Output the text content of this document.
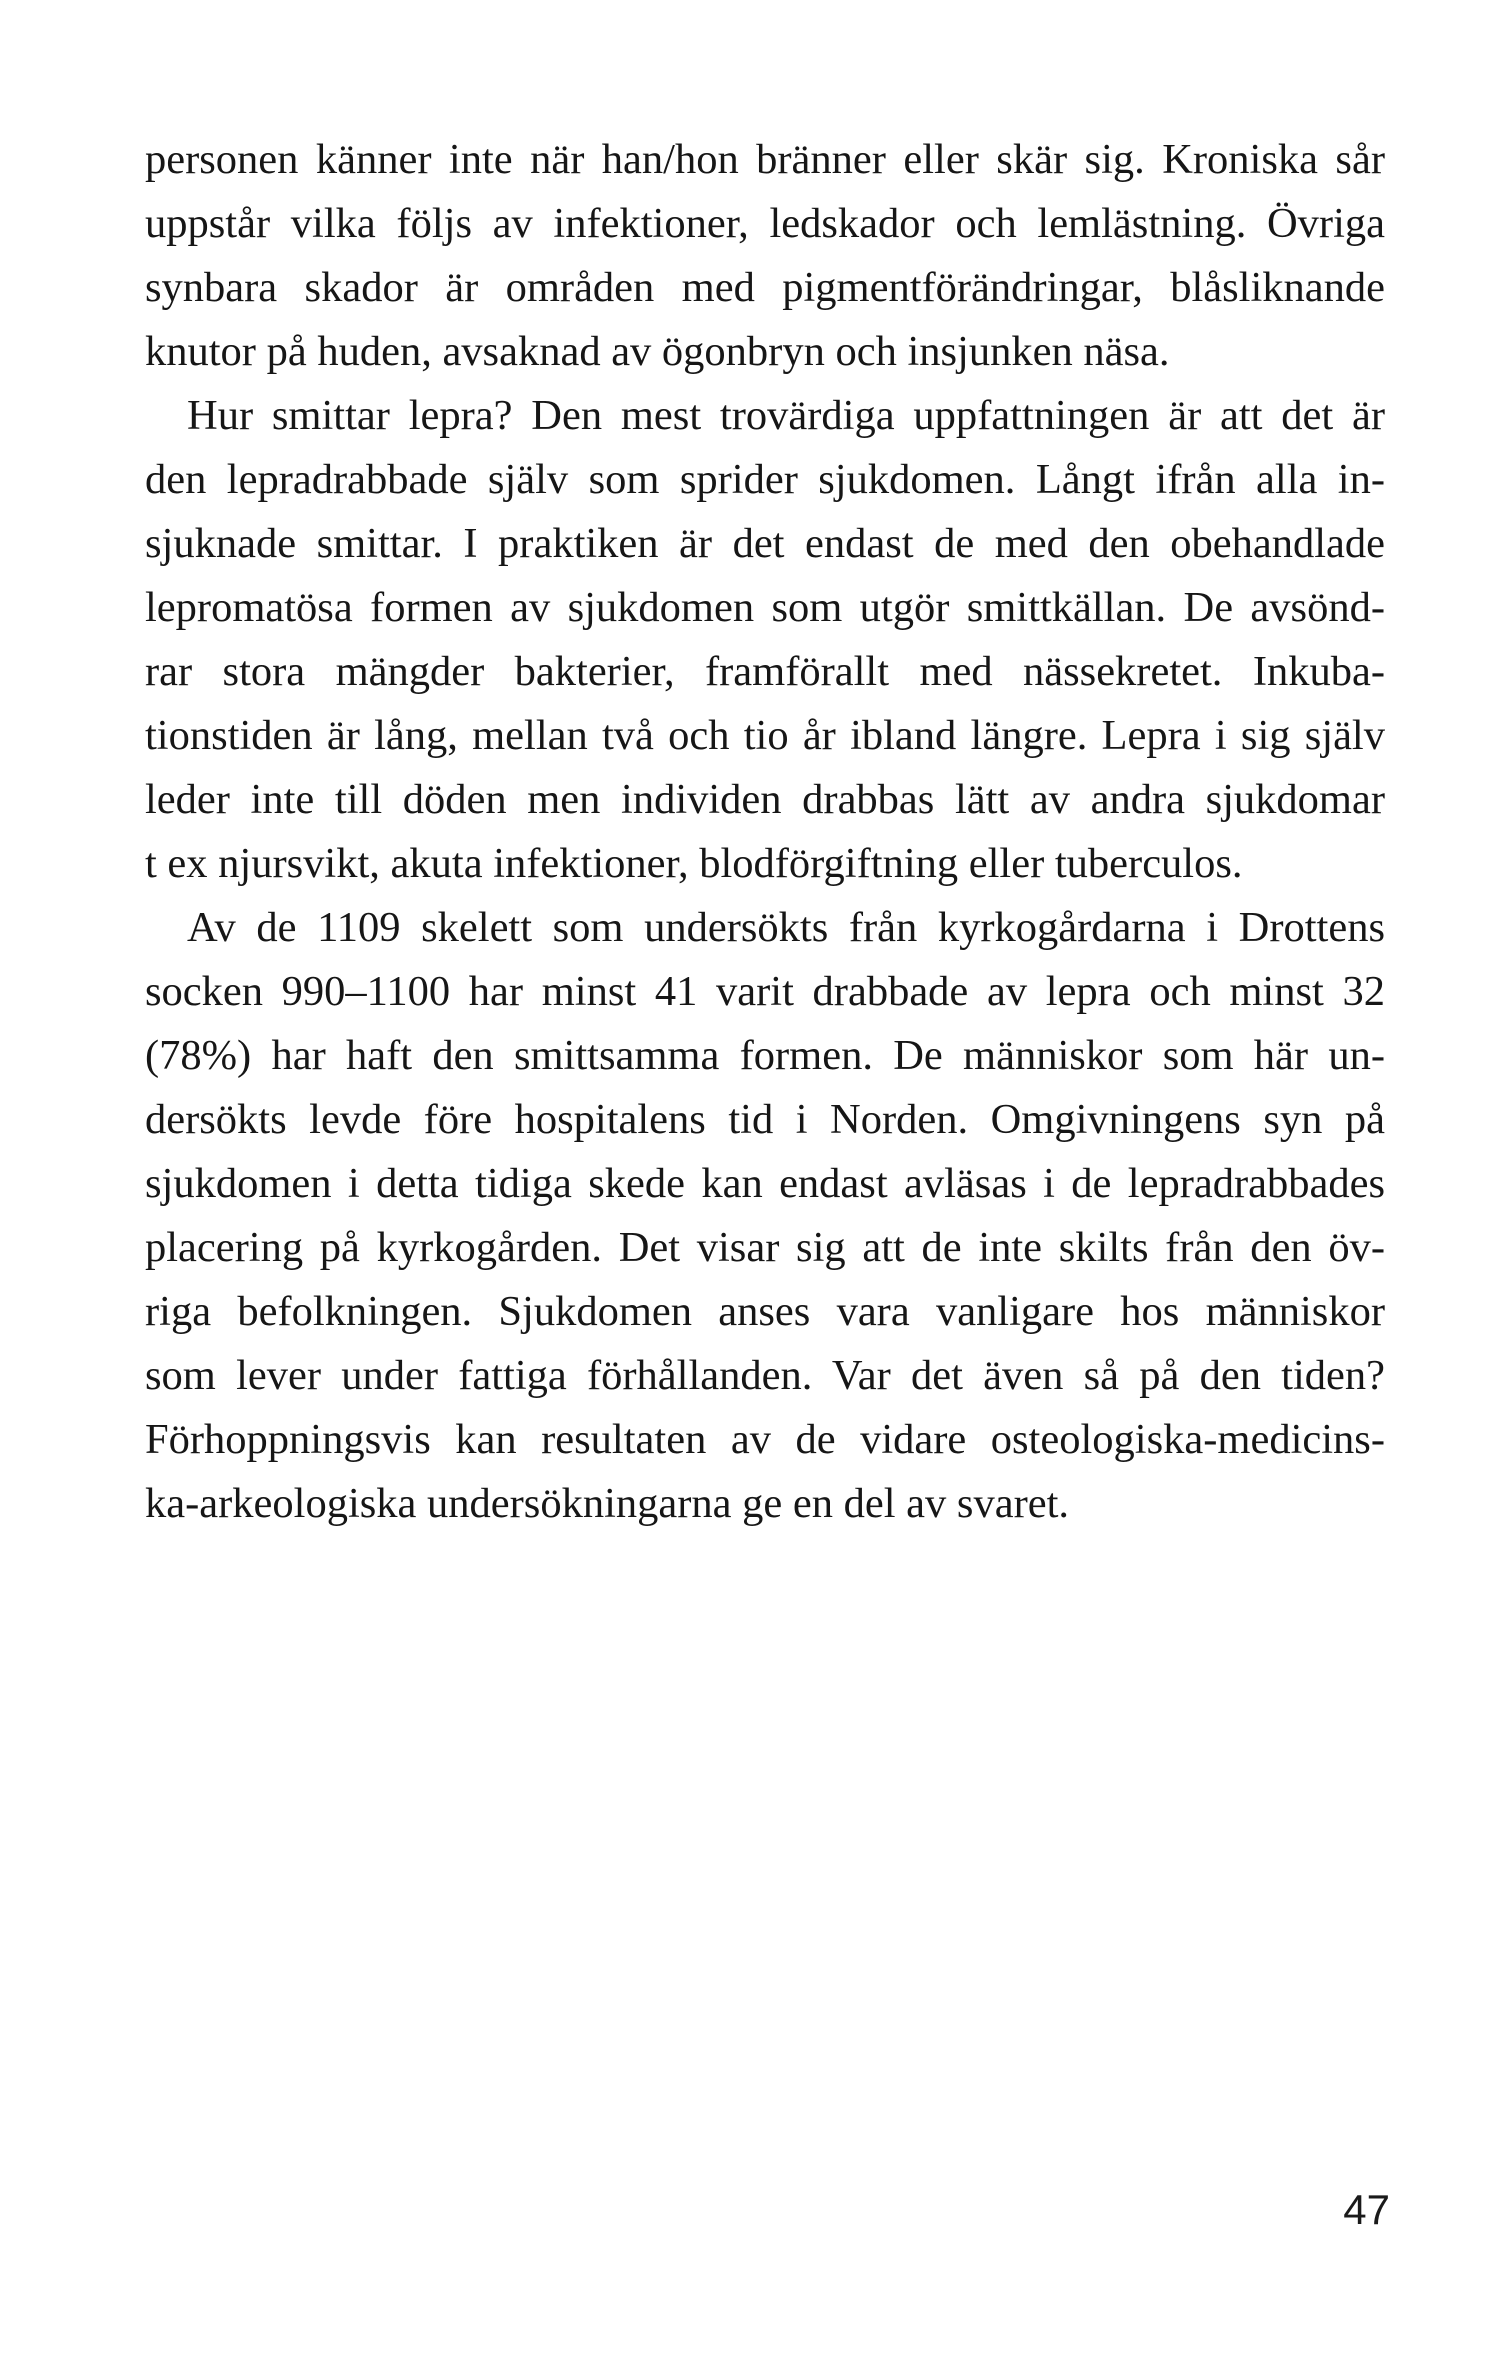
personen känner inte när han/hon bränner eller skär sig. Kroniska sår
uppstår vilka följs av infektioner, ledskador och lemlästning. Övriga
synbara skador är områden med pigmentförändringar, blåsliknande
knutor på huden, avsaknad av ögonbryn och insjunken näsa.
Hur smittar lepra? Den mest trovärdiga uppfattningen är att det är
den lepradrabbade själv som sprider sjukdomen. Långt ifrån alla in-
sjuknade smittar. I praktiken är det endast de med den obehandlade
lepromatösa formen av sjukdomen som utgör smittkällan. De avsönd-
rar stora mängder bakterier, framförallt med nässekretet. Inkuba-
tionstiden är lång, mellan två och tio år ibland längre. Lepra i sig själv
leder inte till döden men individen drabbas lätt av andra sjukdomar
t ex njursvikt, akuta infektioner, blodförgiftning eller tuberculos.
Av de 1109 skelett som undersökts från kyrkogårdarna i Drottens
socken 990–1100 har minst 41 varit drabbade av lepra och minst 32
(78%) har haft den smittsamma formen. De människor som här un-
dersökts levde före hospitalens tid i Norden. Omgivningens syn på
sjukdomen i detta tidiga skede kan endast avläsas i de lepradrabbades
placering på kyrkogården. Det visar sig att de inte skilts från den öv-
riga befolkningen. Sjukdomen anses vara vanligare hos människor
som lever under fattiga förhållanden. Var det även så på den tiden?
Förhoppningsvis kan resultaten av de vidare osteologiska-medicins-
ka-arkeologiska undersökningarna ge en del av svaret.
47
